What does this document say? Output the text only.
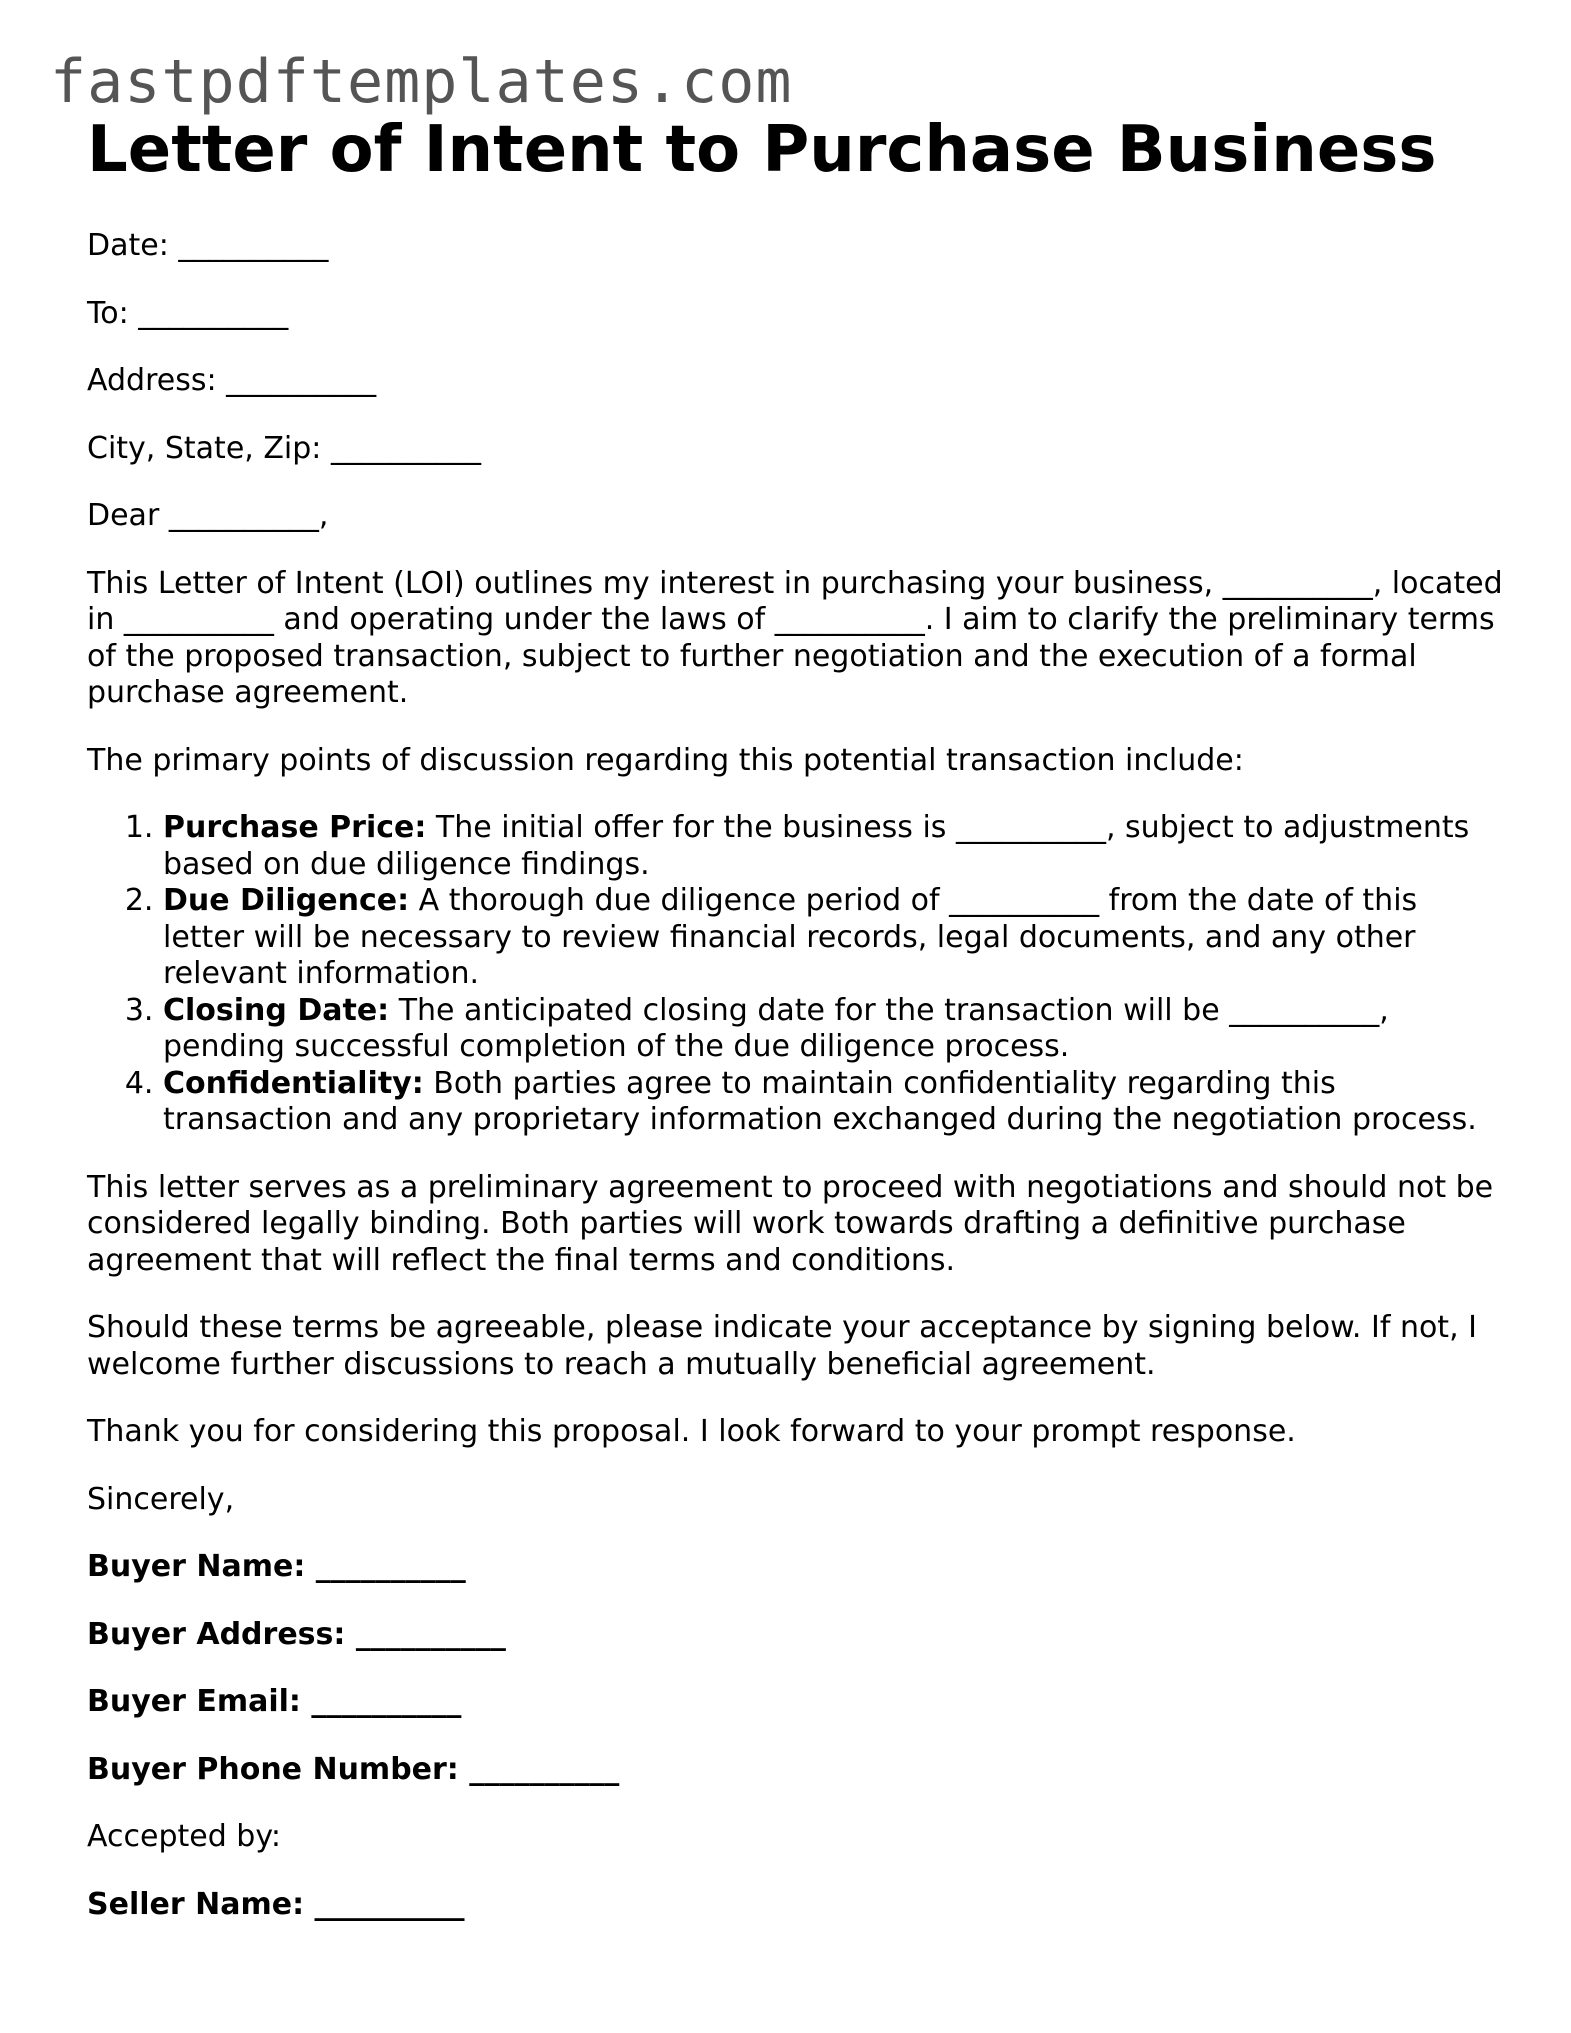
fastpdftemplates.com
Letter of Intent to Purchase Business
Date: __________
To: __________
Address: __________
City, State, Zip: __________
Dear __________,

This Letter of Intent (LOI) outlines my interest in purchasing your business, __________, located in __________ and operating under the laws of __________. I aim to clarify the preliminary terms of the proposed transaction, subject to further negotiation and the execution of a formal purchase agreement.

The primary points of discussion regarding this potential transaction include:

1. Purchase Price: The initial offer for the business is __________, subject to adjustments based on due diligence findings.
2. Due Diligence: A thorough due diligence period of __________ from the date of this letter will be necessary to review financial records, legal documents, and any other relevant information.
3. Closing Date: The anticipated closing date for the transaction will be __________, pending successful completion of the due diligence process.
4. Confidentiality: Both parties agree to maintain confidentiality regarding this transaction and any proprietary information exchanged during the negotiation process.

This letter serves as a preliminary agreement to proceed with negotiations and should not be considered legally binding. Both parties will work towards drafting a definitive purchase agreement that will reflect the final terms and conditions.

Should these terms be agreeable, please indicate your acceptance by signing below. If not, I welcome further discussions to reach a mutually beneficial agreement.

Thank you for considering this proposal. I look forward to your prompt response.

Sincerely,

Buyer Name: __________
Buyer Address: __________
Buyer Email: __________
Buyer Phone Number: __________

Accepted by:

Seller Name: __________
